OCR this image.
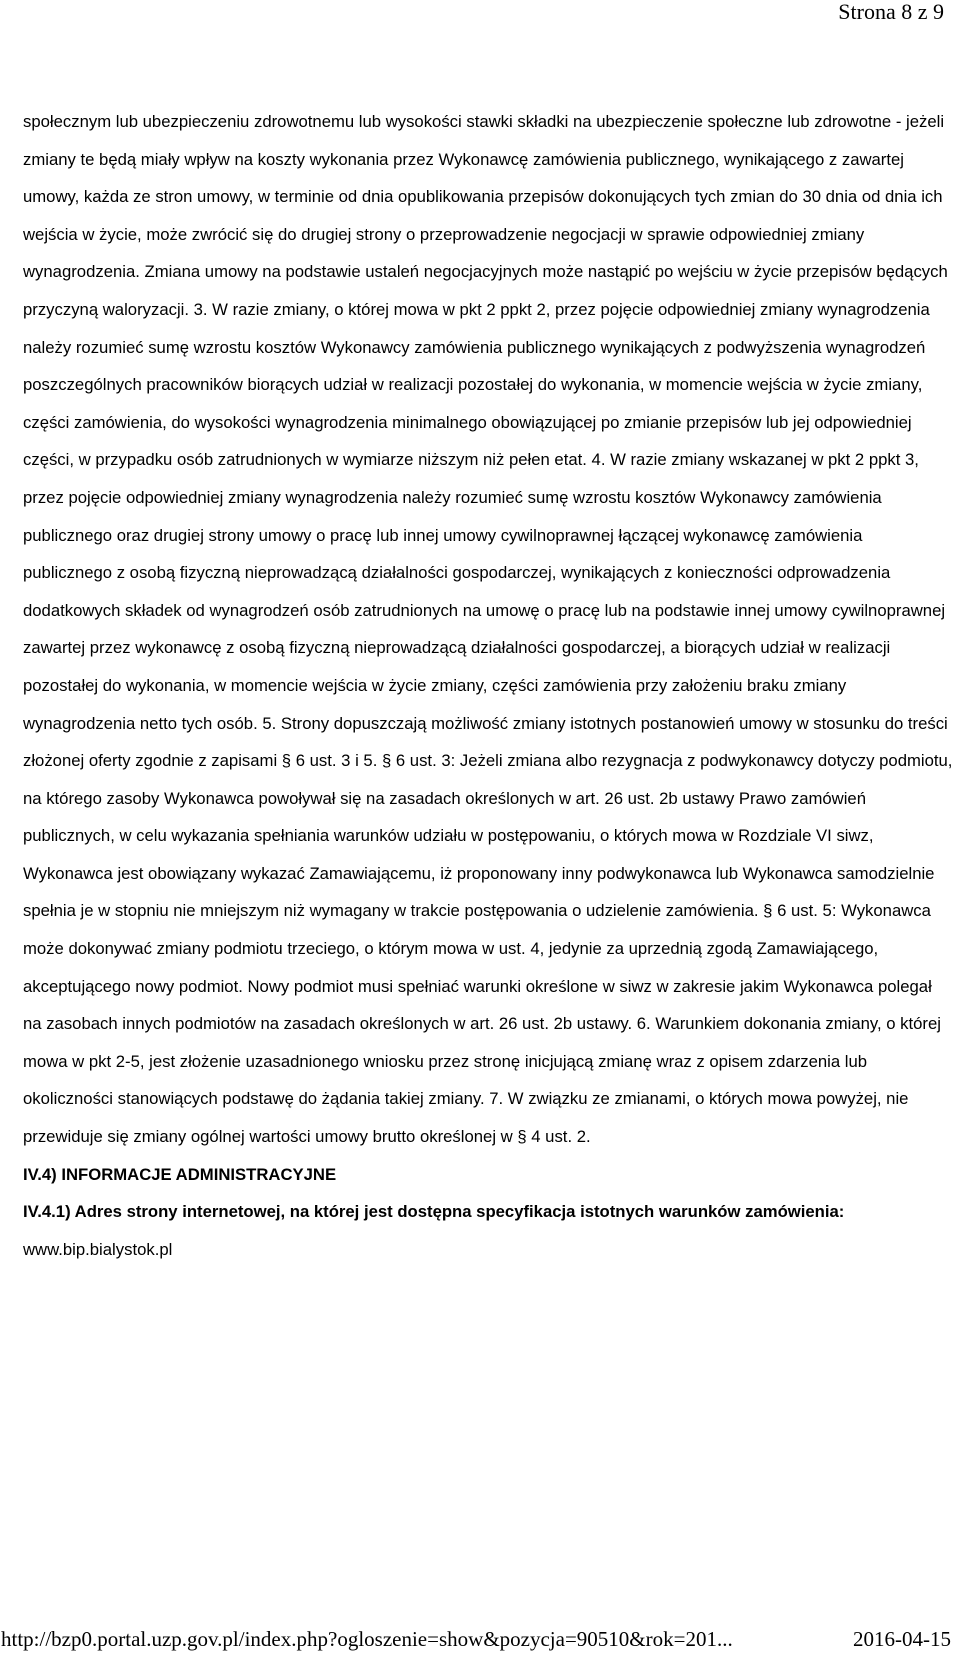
Strona 8 z 9

społecznym lub ubezpieczeniu zdrowotnemu lub wysokości stawki składki na ubezpieczenie społeczne lub zdrowotne - jeżeli zmiany te będą miały wpływ na koszty wykonania przez Wykonawcę zamówienia publicznego, wynikającego z zawartej umowy, każda ze stron umowy, w terminie od dnia opublikowania przepisów dokonujących tych zmian do 30 dnia od dnia ich wejścia w życie, może zwrócić się do drugiej strony o przeprowadzenie negocjacji w sprawie odpowiedniej zmiany wynagrodzenia. Zmiana umowy na podstawie ustaleń negocjacyjnych może nastąpić po wejściu w życie przepisów będących przyczyną waloryzacji. 3. W razie zmiany, o której mowa w pkt 2 ppkt 2, przez pojęcie odpowiedniej zmiany wynagrodzenia należy rozumieć sumę wzrostu kosztów Wykonawcy zamówienia publicznego wynikających z podwyższenia wynagrodzeń poszczególnych pracowników biorących udział w realizacji pozostałej do wykonania, w momencie wejścia w życie zmiany, części zamówienia, do wysokości wynagrodzenia minimalnego obowiązującej po zmianie przepisów lub jej odpowiedniej części, w przypadku osób zatrudnionych w wymiarze niższym niż pełen etat. 4. W razie zmiany wskazanej w pkt 2 ppkt 3, przez pojęcie odpowiedniej zmiany wynagrodzenia należy rozumieć sumę wzrostu kosztów Wykonawcy zamówienia publicznego oraz drugiej strony umowy o pracę lub innej umowy cywilnoprawnej łączącej wykonawcę zamówienia publicznego z osobą fizyczną nieprowadzącą działalności gospodarczej, wynikających z konieczności odprowadzenia dodatkowych składek od wynagrodzeń osób zatrudnionych na umowę o pracę lub na podstawie innej umowy cywilnoprawnej zawartej przez wykonawcę z osobą fizyczną nieprowadzącą działalności gospodarczej, a biorących udział w realizacji pozostałej do wykonania, w momencie wejścia w życie zmiany, części zamówienia przy założeniu braku zmiany wynagrodzenia netto tych osób. 5. Strony dopuszczają możliwość zmiany istotnych postanowień umowy w stosunku do treści złożonej oferty zgodnie z zapisami § 6 ust. 3 i 5. § 6 ust. 3: Jeżeli zmiana albo rezygnacja z podwykonawcy dotyczy podmiotu, na którego zasoby Wykonawca powoływał się na zasadach określonych w art. 26 ust. 2b ustawy Prawo zamówień publicznych, w celu wykazania spełniania warunków udziału w postępowaniu, o których mowa w Rozdziale VI siwz, Wykonawca jest obowiązany wykazać Zamawiającemu, iż proponowany inny podwykonawca lub Wykonawca samodzielnie spełnia je w stopniu nie mniejszym niż wymagany w trakcie postępowania o udzielenie zamówienia. § 6 ust. 5: Wykonawca może dokonywać zmiany podmiotu trzeciego, o którym mowa w ust. 4, jedynie za uprzednią zgodą Zamawiającego, akceptującego nowy podmiot. Nowy podmiot musi spełniać warunki określone w siwz w zakresie jakim Wykonawca polegał na zasobach innych podmiotów na zasadach określonych w art. 26 ust. 2b ustawy. 6. Warunkiem dokonania zmiany, o której mowa w pkt 2-5, jest złożenie uzasadnionego wniosku przez stronę inicjującą zmianę wraz z opisem zdarzenia lub okoliczności stanowiących podstawę do żądania takiej zmiany. 7. W związku ze zmianami, o których mowa powyżej, nie przewiduje się zmiany ogólnej wartości umowy brutto określonej w § 4 ust. 2.

IV.4) INFORMACJE ADMINISTRACYJNE

IV.4.1) Adres strony internetowej, na której jest dostępna specyfikacja istotnych warunków zamówienia: www.bip.bialystok.pl

http://bzp0.portal.uzp.gov.pl/index.php?ogloszenie=show&pozycja=90510&rok=201...	2016-04-15
